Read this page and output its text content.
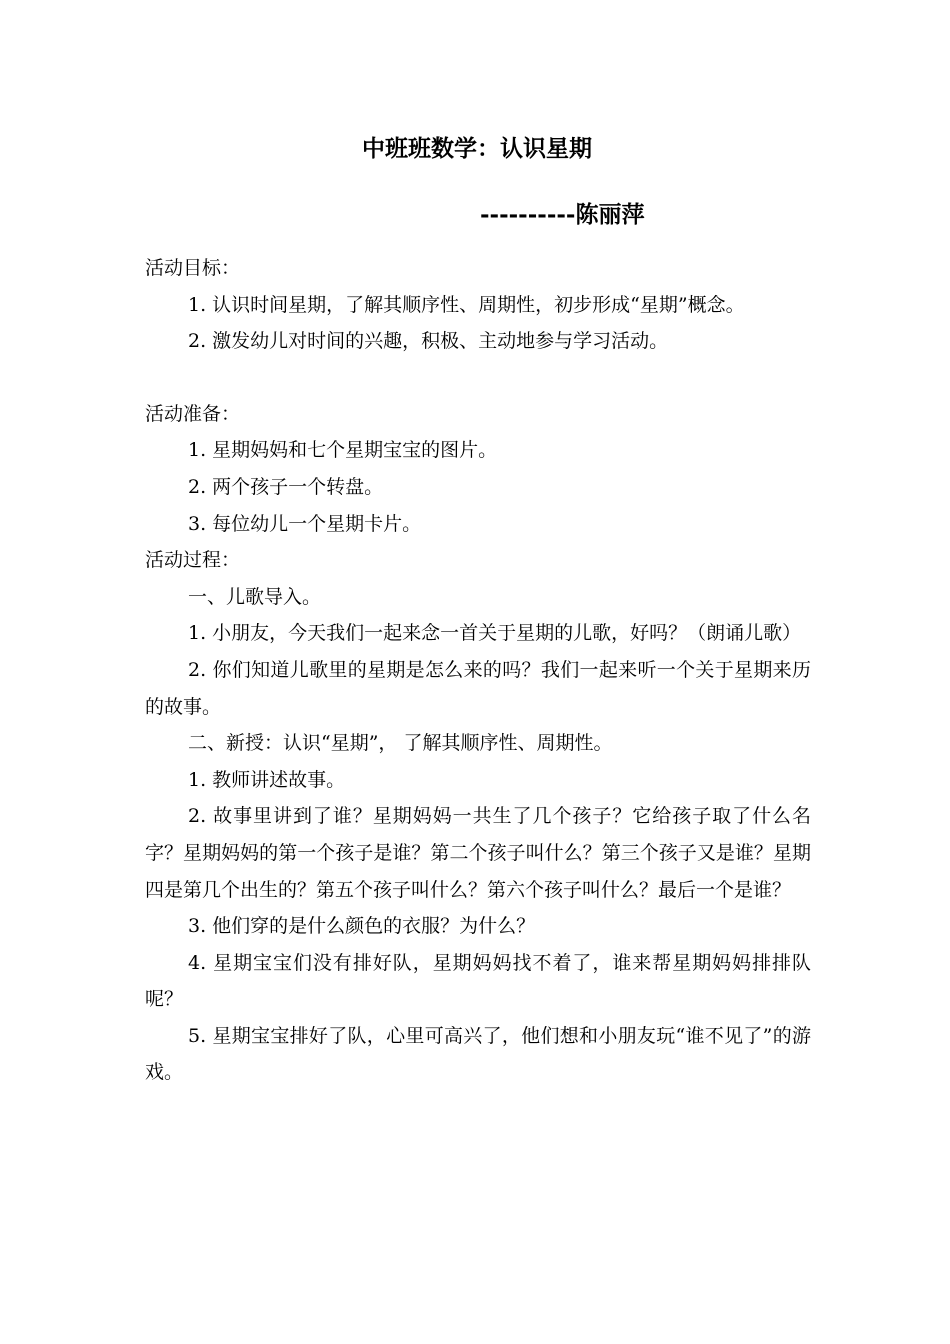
中班班数学：认识星期
----------陈丽萍

活动目标：

1. 认识时间星期，了解其顺序性、周期性，初步形成“星期”概念。

2. 激发幼儿对时间的兴趣，积极、主动地参与学习活动。

活动准备：

1. 星期妈妈和七个星期宝宝的图片。

2. 两个孩子一个转盘。

3. 每位幼儿一个星期卡片。

活动过程：

一、儿歌导入。

1. 小朋友，今天我们一起来念一首关于星期的儿歌，好吗？（朗诵儿歌）

2. 你们知道儿歌里的星期是怎么来的吗？我们一起来听一个关于星期来历的故事。

二、新授：认识“星期”， 了解其顺序性、周期性。

1. 教师讲述故事。

2. 故事里讲到了谁？星期妈妈一共生了几个孩子？它给孩子取了什么名字？星期妈妈的第一个孩子是谁？第二个孩子叫什么？第三个孩子又是谁？星期四是第几个出生的？第五个孩子叫什么？第六个孩子叫什么？最后一个是谁？

3. 他们穿的是什么颜色的衣服？为什么？

4. 星期宝宝们没有排好队，星期妈妈找不着了，谁来帮星期妈妈排排队呢？

5. 星期宝宝排好了队，心里可高兴了，他们想和小朋友玩“谁不见了”的游戏。
